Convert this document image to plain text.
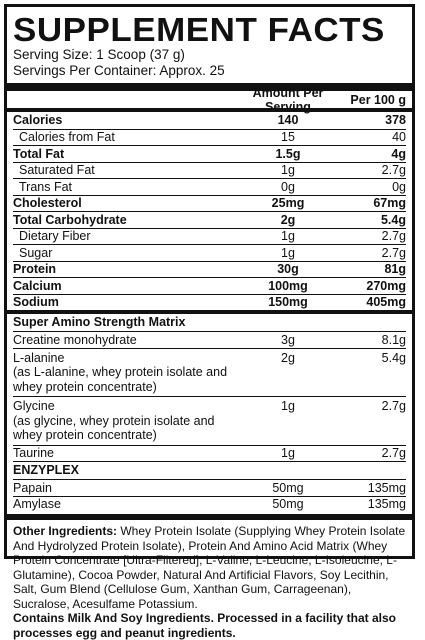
SUPPLEMENT FACTS
Serving Size: 1 Scoop (37 g)
Servings Per Container: Approx. 25
Amount Per Serving	Per 100 g
Calories	140	378
Calories from Fat	15	40
Total Fat	1.5g	4g
Saturated Fat	1g	2.7g
Trans Fat	0g	0g
Cholesterol	25mg	67mg
Total Carbohydrate	2g	5.4g
Dietary Fiber	1g	2.7g
Sugar	1g	2.7g
Protein	30g	81g
Calcium	100mg	270mg
Sodium	150mg	405mg
Super Amino Strength Matrix
Creatine monohydrate	3g	8.1g
L-alanine
(as L-alanine, whey protein isolate and whey protein concentrate)
2g	5.4g
Glycine
(as glycine, whey protein isolate and whey protein concentrate)
1g	2.7g
Taurine	1g	2.7g
ENZYPLEX
Papain	50mg	135mg
Amylase	50mg	135mg
Other Ingredients: Whey Protein Isolate (Supplying Whey Protein Isolate And Hydrolyzed Protein Isolate), Protein And Amino Acid Matrix (Whey Protein Concentrate [Ultra-Filtered], L-Valine, L-Leucine, L-Isoleucine, L-Glutamine), Cocoa Powder, Natural And Artificial Flavors, Soy Lecithin, Salt, Gum Blend (Cellulose Gum, Xanthan Gum, Carrageenan), Sucralose, Acesulfame Potassium.
Contains Milk And Soy Ingredients. Processed in a facility that also processes egg and peanut ingredients.
